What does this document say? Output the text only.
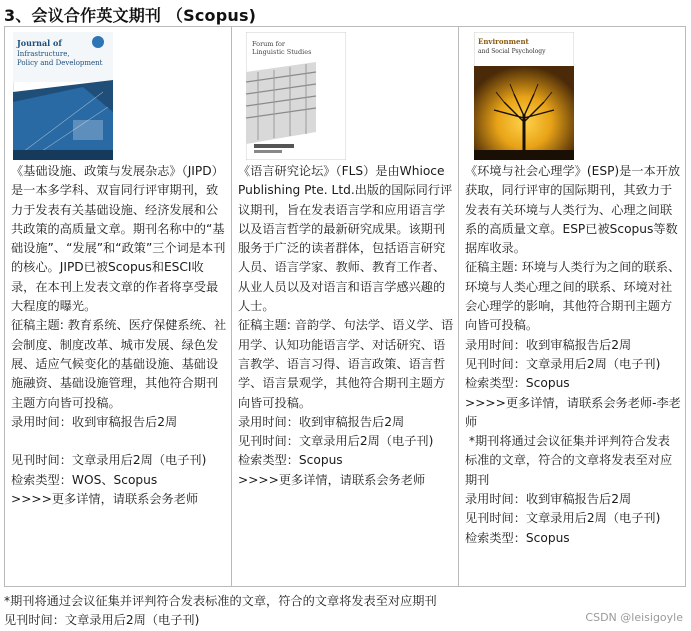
3、会议合作英文期刊 （Scopus)
Journal of
Infrastructure,
Policy and Development
《基础设施、政策与发展杂志》（JIPD）是一本多学科、双盲同行评审期刊，致力于发表有关基础设施、经济发展和公共政策的高质量文章。期刊名称中的“基础设施”、“发展”和“政策”三个词是本刊的核心。JIPD已被Scopus和ESCI收录，在本刊上发表文章的作者将享受最大程度的曝光。
征稿主题: 教育系统、医疗保健系统、社会制度、制度改革、城市发展、绿色发展、适应气候变化的基础设施、基础设施融资、基础设施管理，其他符合期刊主题方向皆可投稿。
录用时间：收到审稿报告后2周

见刊时间：文章录用后2周（电子刊)
检索类型：WOS、Scopus
>>>>更多详情，请联系会务老师
Forum for
Linguistic Studies
《语言研究论坛》（FLS）是由Whioce Publishing Pte. Ltd.出版的国际同行评议期刊，旨在发表语言学和应用语言学以及语言哲学的最新研究成果。该期刊服务于广泛的读者群体，包括语言研究人员、语言学家、教师、教育工作者、从业人员以及对语言和语言学感兴趣的人士。
征稿主题: 音韵学、句法学、语义学、语用学、认知功能语言学、对话研究、语言教学、语言习得、语言政策、语言哲学、语言景观学，其他符合期刊主题方向皆可投稿。
录用时间：收到审稿报告后2周
见刊时间：文章录用后2周（电子刊)
检索类型：Scopus
>>>>更多详情，请联系会务老师
Environment
and Social Psychology
《环境与社会心理学》(ESP)是一本开放获取，同行评审的国际期刊，其致力于发表有关环境与人类行为、心理之间联系的高质量文章。ESP已被Scopus等数据库收录。
征稿主题: 环境与人类行为之间的联系、环境与人类心理之间的联系、环境对社会心理学的影响，其他符合期刊主题方向皆可投稿。
录用时间：收到审稿报告后2周
见刊时间：文章录用后2周（电子刊)
检索类型：Scopus
>>>>更多详情，请联系会务老师-李老师
*期刊将通过会议征集并评判符合发表标准的文章，符合的文章将发表至对应期刊
录用时间：收到审稿报告后2周
见刊时间：文章录用后2周（电子刊)
检索类型：Scopus
*期刊将通过会议征集并评判符合发表标准的文章，符合的文章将发表至对应期刊
见刊时间：文章录用后2周（电子刊)	CSDN @leisigoyle
